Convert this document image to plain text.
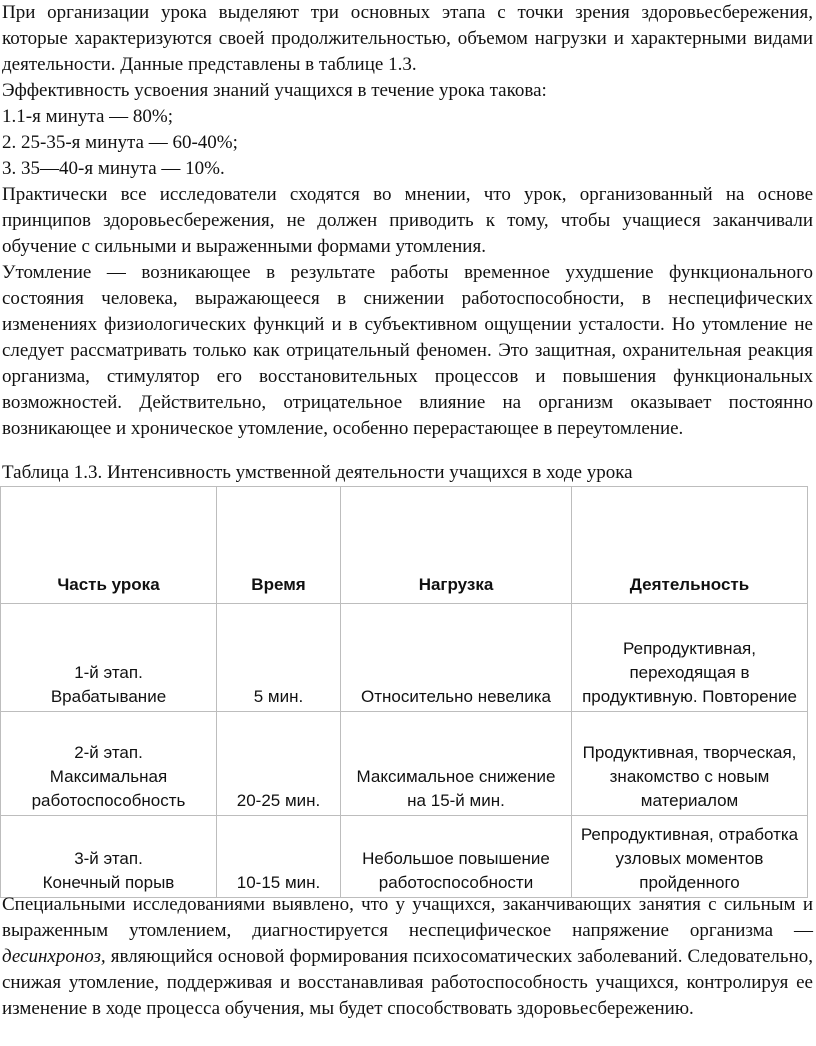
При организации урока выделяют три основных этапа с точки зрения здоровьесбережения, которые характеризуются своей продолжительностью, объемом нагрузки и характерными видами деятельности. Данные представлены в таблице 1.3.

Эффективность усвоения знаний учащихся в течение урока такова:

1.1-я минута — 80%;

2. 25-35-я минута — 60-40%;

3. 35—40-я минута — 10%.

Практически все исследователи сходятся во мнении, что урок, организованный на основе принципов здоровьесбережения, не должен приводить к тому, чтобы учащиеся заканчивали обучение с сильными и выраженными формами утомления.

Утомление — возникающее в результате работы временное ухудшение функционального состояния человека, выражающееся в снижении работоспособности, в неспецифических изменениях физиологических функций и в субъективном ощущении усталости. Но утомление не следует рассматривать только как отрицательный феномен. Это защитная, охранительная реакция организма, стимулятор его восстановительных процессов и повышения функциональных возможностей. Действительно, отрицательное влияние на организм оказывает постоянно возникающее и хроническое утомление, особенно перерастающее в переутомление.

Таблица 1.3. Интенсивность умственной деятельности учащихся в ходе урока

Часть урока	Время	Нагрузка	Деятельность

1-й этап.
Врабатывание	5 мин.	Относительно невелика	Репродуктивная, переходящая в продуктивную. Повторение

2-й этап.
Максимальная работоспособность	20-25 мин.	Максимальное снижение на 15-й мин.	Продуктивная, творческая, знакомство с новым материалом

3-й этап.
Конечный порыв	10-15 мин.	Небольшое повышение работоспособности	Репродуктивная, отработка узловых моментов пройденного

Специальными исследованиями выявлено, что у учащихся, заканчивающих занятия с сильным и выраженным утомлением, диагностируется неспецифическое напряжение организма — десинхроноз, являющийся основой формирования психосоматических заболеваний. Следовательно, снижая утомление, поддерживая и восстанавливая работоспособность учащихся, контролируя ее изменение в ходе процесса обучения, мы будет способствовать здоровьесбережению.
